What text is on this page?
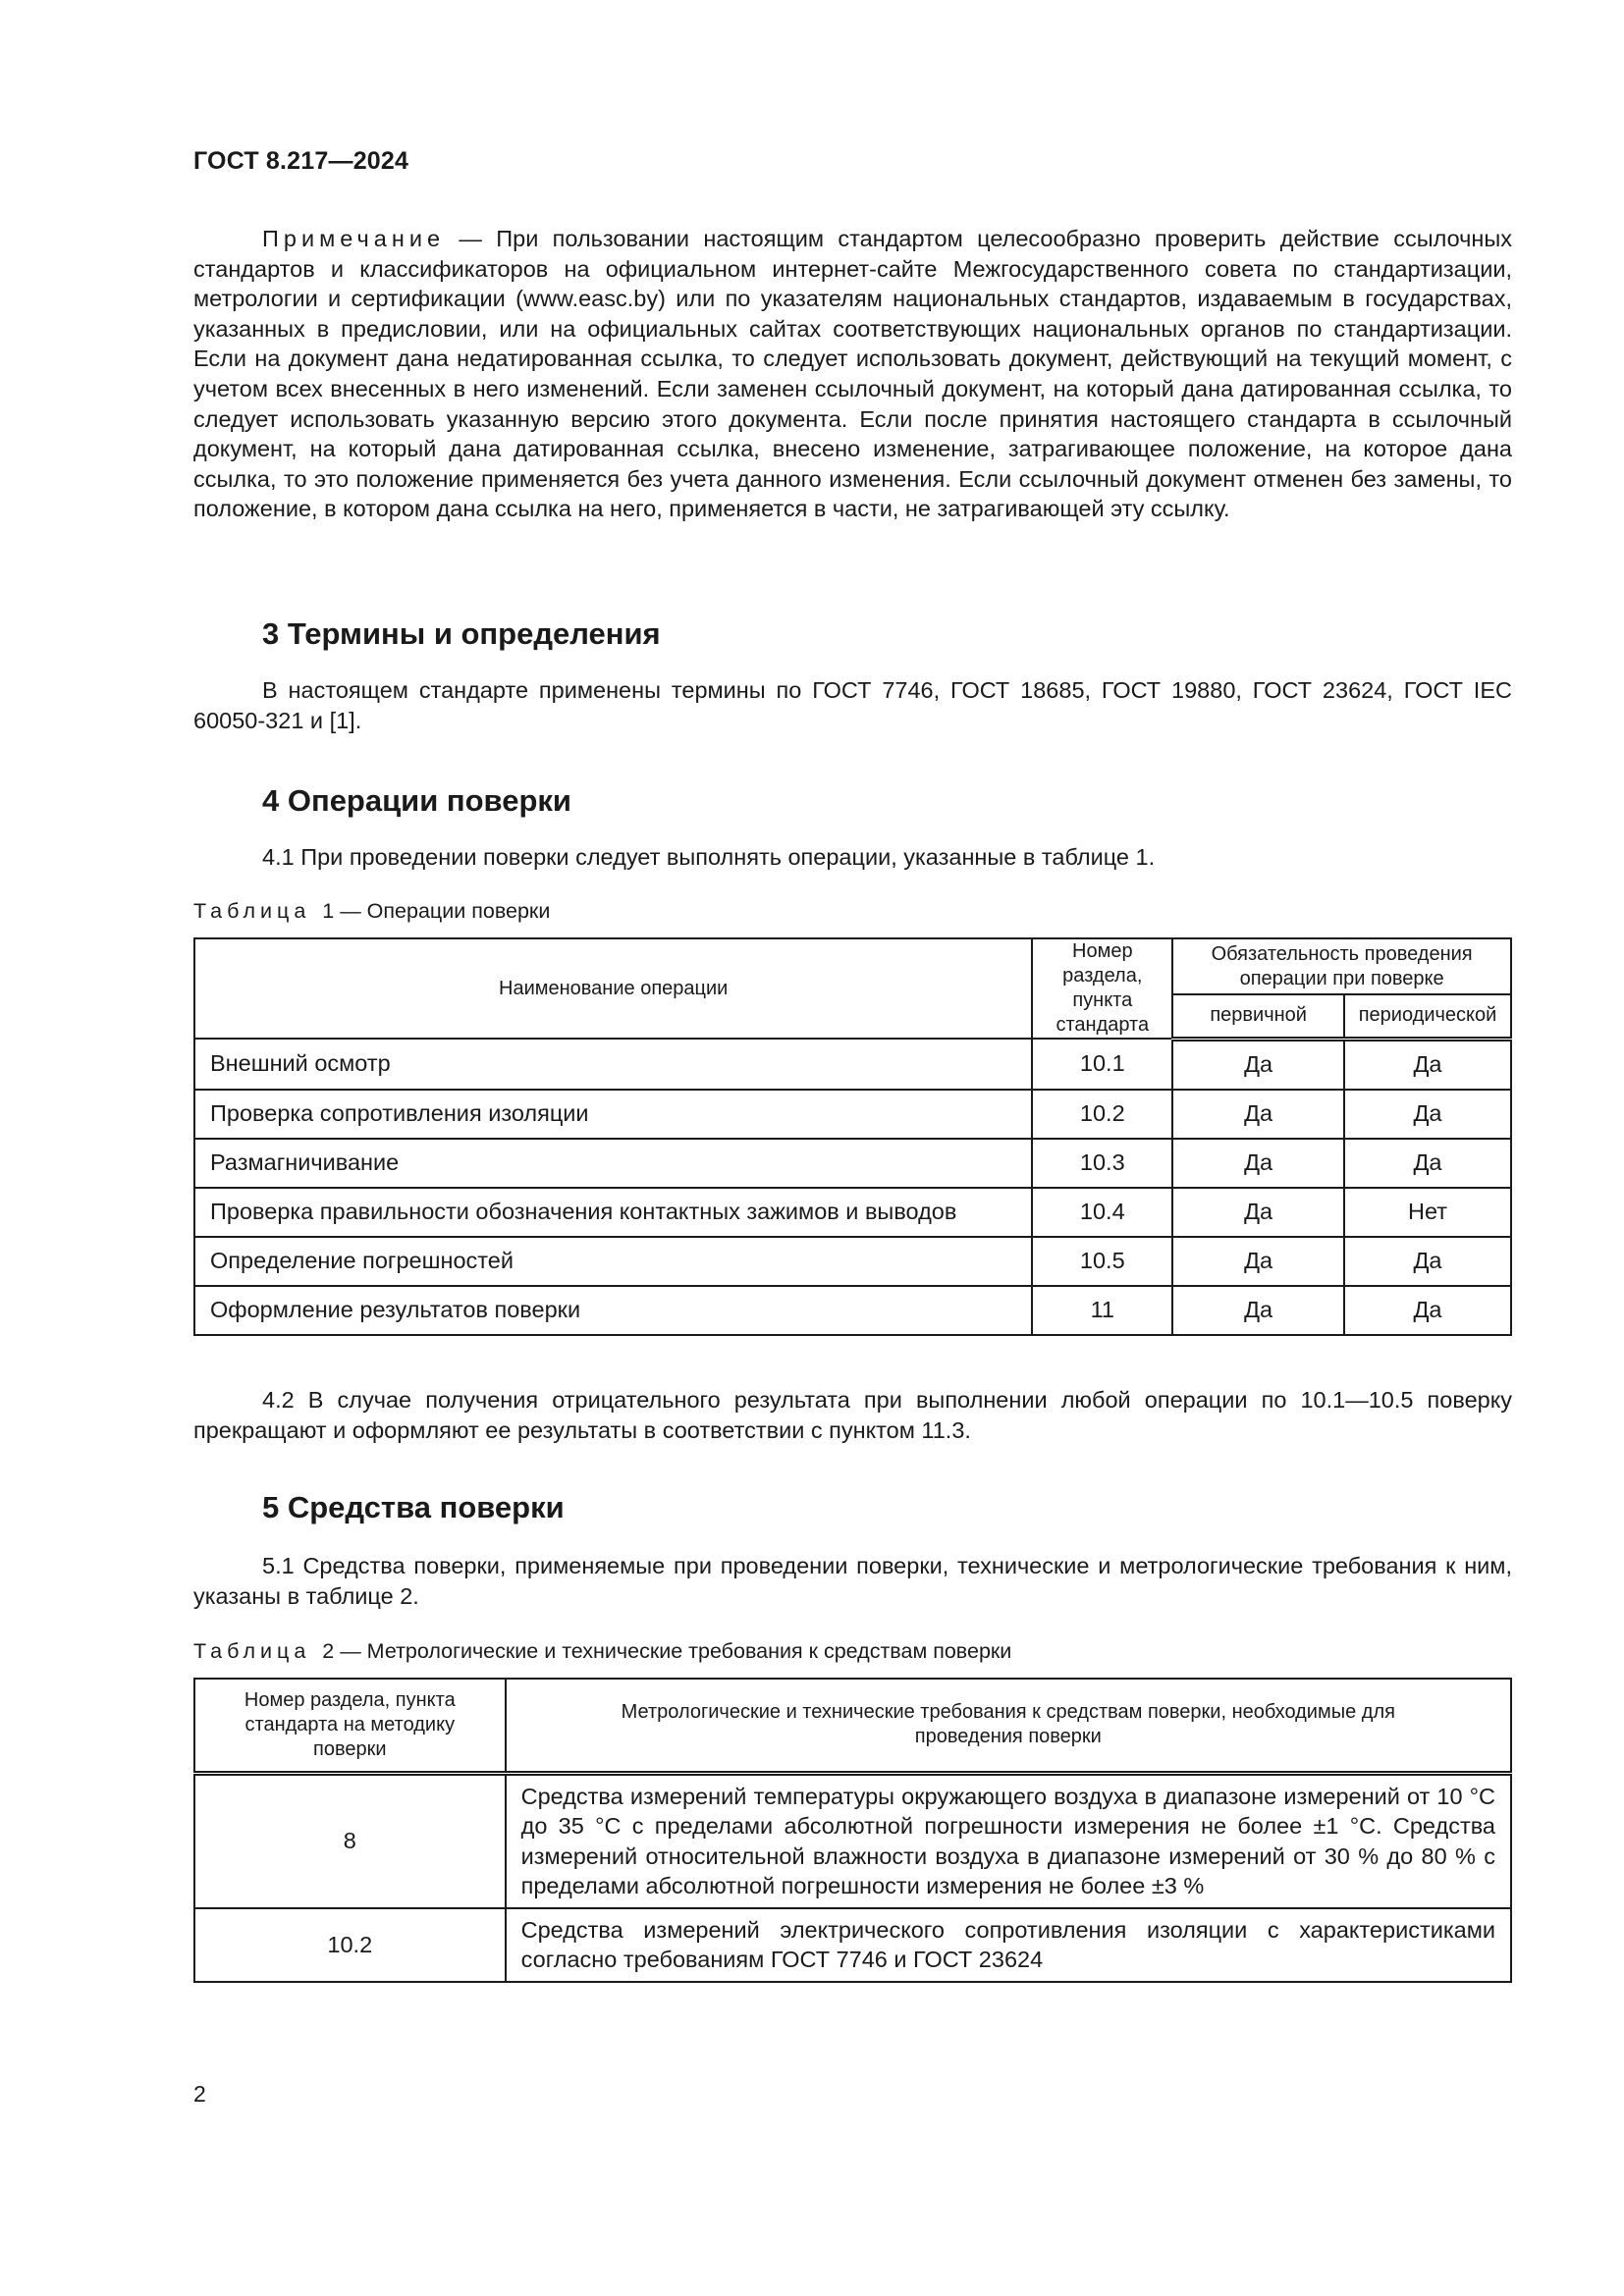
ГОСТ 8.217—2024

Примечание — При пользовании настоящим стандартом целесообразно проверить действие ссылочных стандартов и классификаторов на официальном интернет-сайте Межгосударственного совета по стандартизации, метрологии и сертификации (www.easc.by) или по указателям национальных стандартов, издаваемым в государствах, указанных в предисловии, или на официальных сайтах соответствующих национальных органов по стандартизации. Если на документ дана недатированная ссылка, то следует использовать документ, действующий на текущий момент, с учетом всех внесенных в него изменений. Если заменен ссылочный документ, на который дана датированная ссылка, то следует использовать указанную версию этого документа. Если после принятия настоящего стандарта в ссылочный документ, на который дана датированная ссылка, внесено изменение, затрагивающее положение, на которое дана ссылка, то это положение применяется без учета данного изменения. Если ссылочный документ отменен без замены, то положение, в котором дана ссылка на него, применяется в части, не затрагивающей эту ссылку.

3 Термины и определения

В настоящем стандарте применены термины по ГОСТ 7746, ГОСТ 18685, ГОСТ 19880, ГОСТ 23624, ГОСТ IEC 60050-321 и [1].

4 Операции поверки

4.1 При проведении поверки следует выполнять операции, указанные в таблице 1.

Таблица 1 — Операции поверки
Наименование операции	Номер раздела, пункта стандарта	Обязательность проведения операции при поверке	
		первичной	периодической
Внешний осмотр	10.1	Да	Да
Проверка сопротивления изоляции	10.2	Да	Да
Размагничивание	10.3	Да	Да
Проверка правильности обозначения контактных зажимов и выводов	10.4	Да	Нет
Определение погрешностей	10.5	Да	Да
Оформление результатов поверки	11	Да	Да

4.2 В случае получения отрицательного результата при выполнении любой операции по 10.1—10.5 поверку прекращают и оформляют ее результаты в соответствии с пунктом 11.3.

5 Средства поверки

5.1 Средства поверки, применяемые при проведении поверки, технические и метрологические требования к ним, указаны в таблице 2.

Таблица 2 — Метрологические и технические требования к средствам поверки
Номер раздела, пункта стандарта на методику поверки	Метрологические и технические требования к средствам поверки, необходимые для проведения поверки
8	Средства измерений температуры окружающего воздуха в диапазоне измерений от 10 °С до 35 °С с пределами абсолютной погрешности измерения не более ±1 °С. Средства измерений относительной влажности воздуха в диапазоне измерений от 30 % до 80 % с пределами абсолютной погрешности измерения не более ±3 %
10.2	Средства измерений электрического сопротивления изоляции с характеристиками согласно требованиям ГОСТ 7746 и ГОСТ 23624
2
